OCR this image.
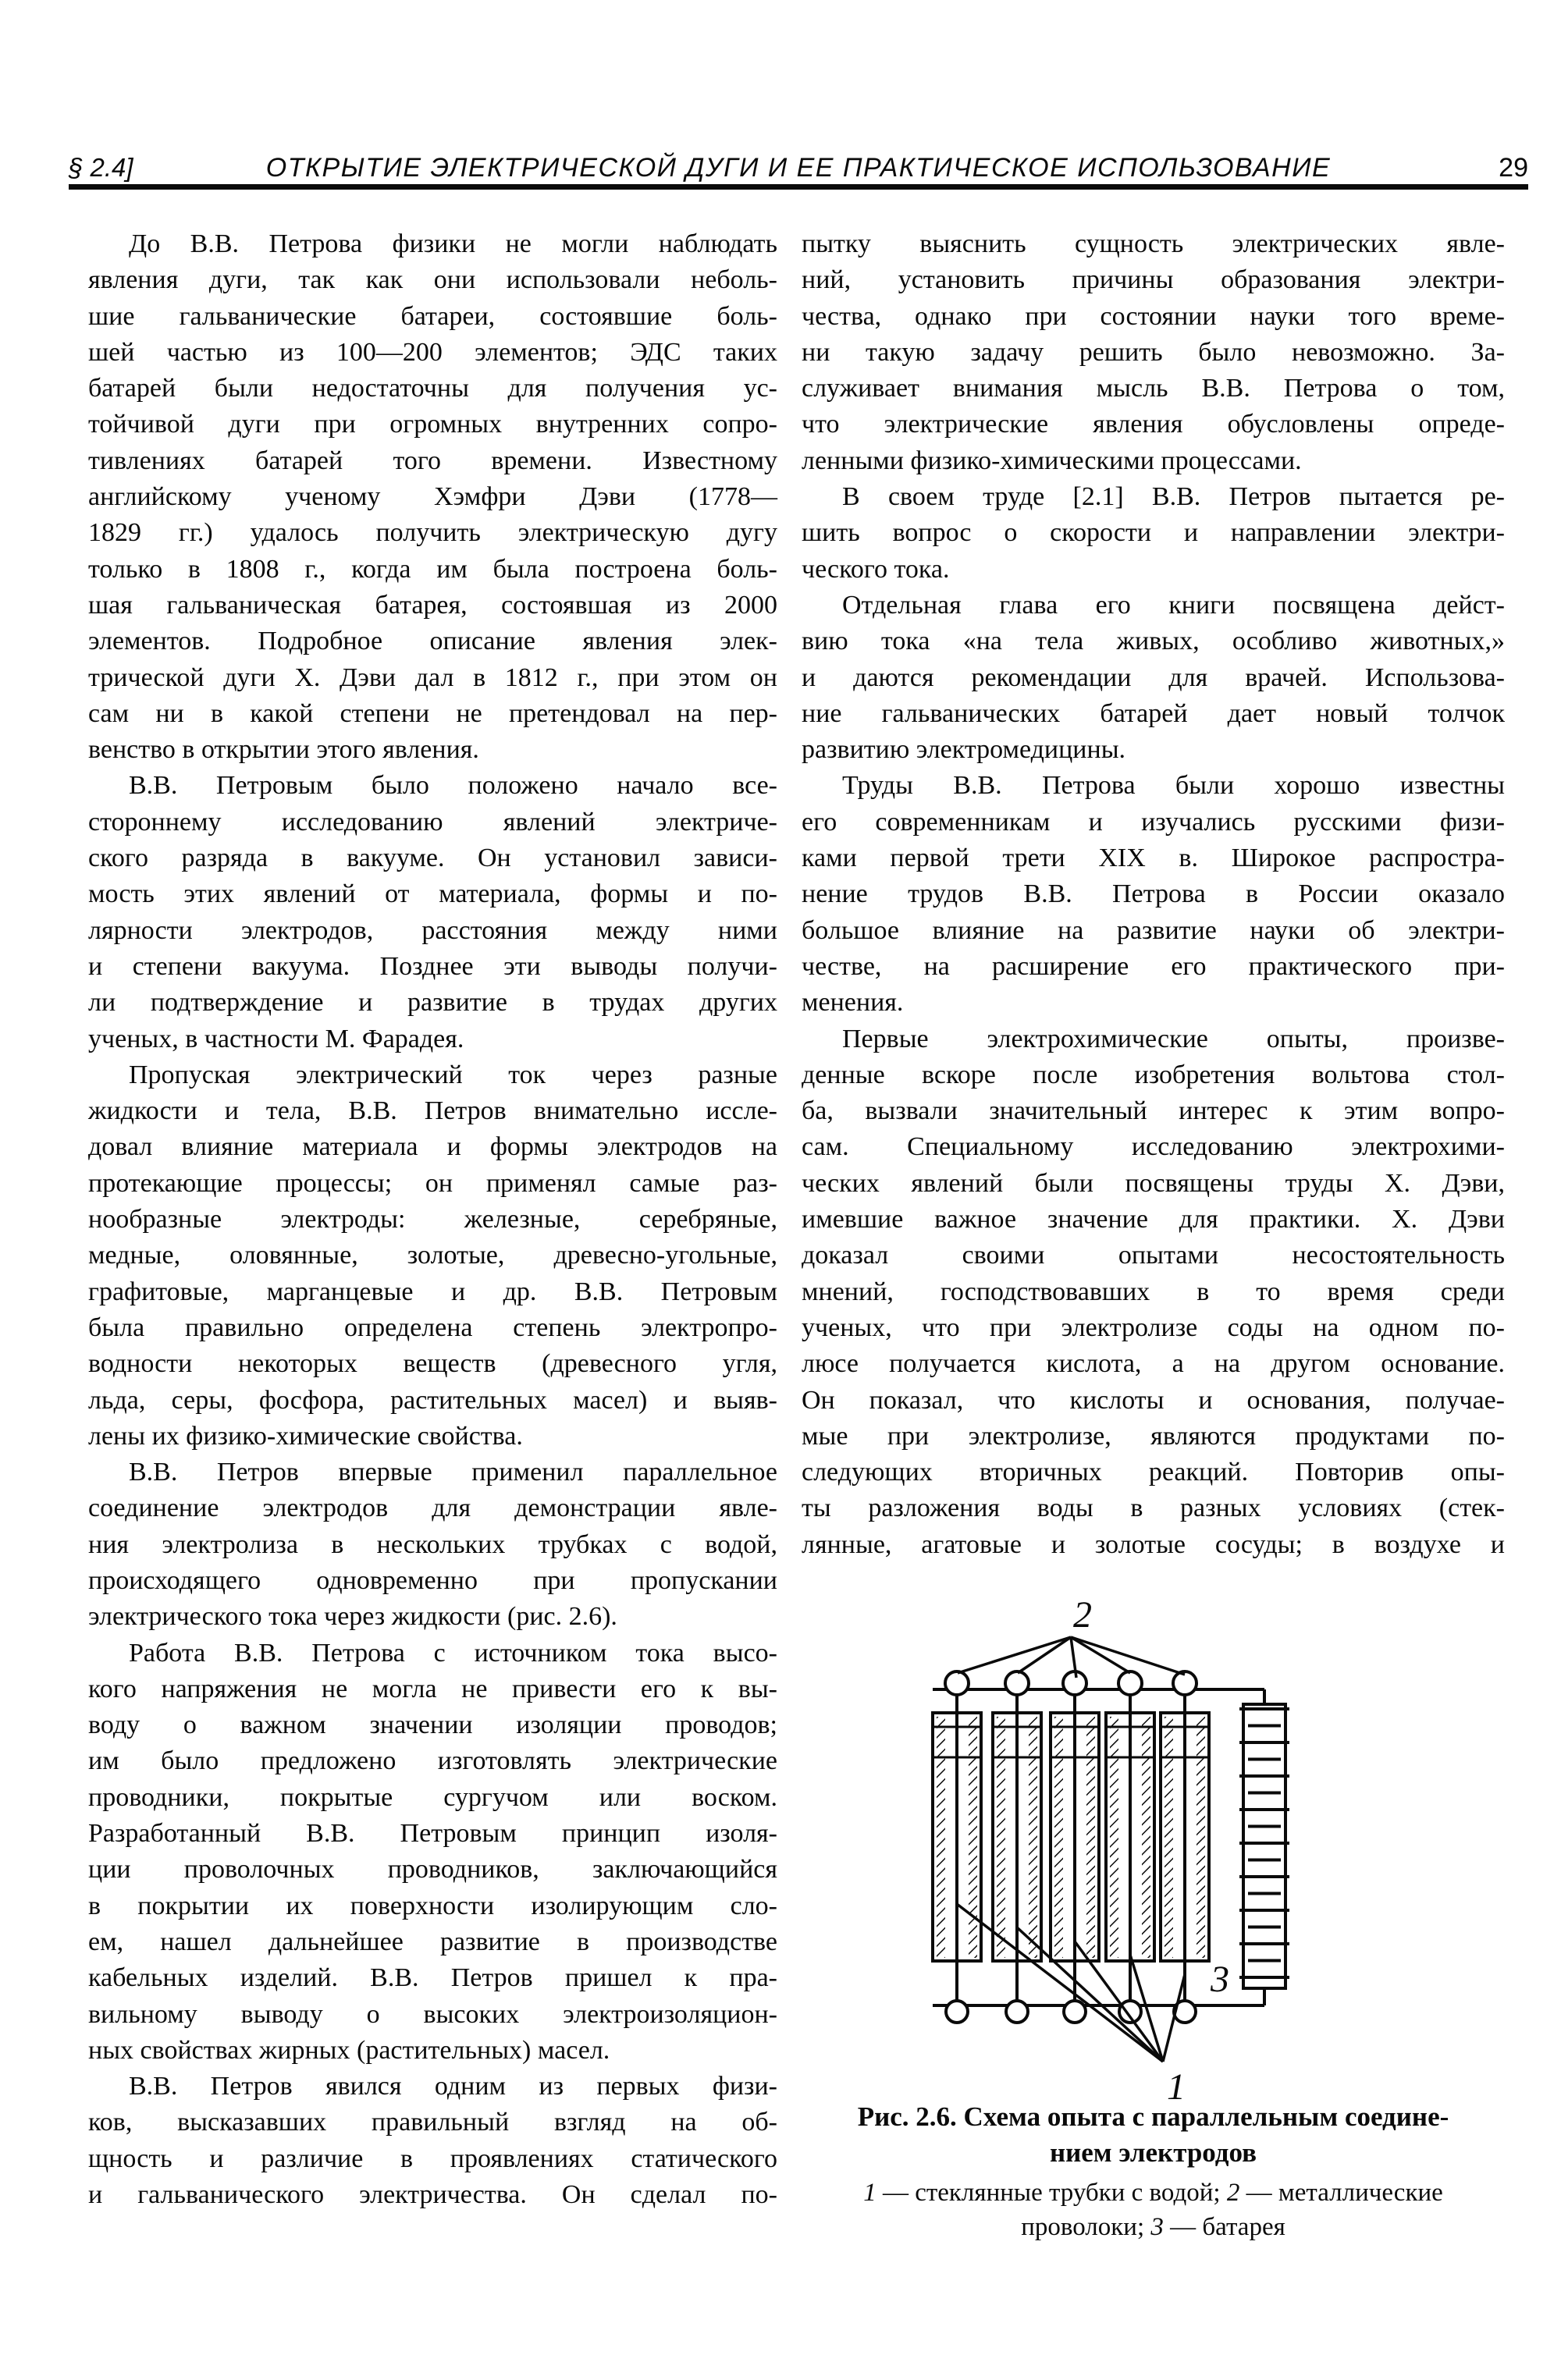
§ 2.4]	ОТКРЫТИЕ ЭЛЕКТРИЧЕСКОЙ ДУГИ И ЕЕ ПРАКТИЧЕСКОЕ ИСПОЛЬЗОВАНИЕ	29
До В.В. Петрова физики не могли наблюдать
явления дуги, так как они использовали неболь-
шие гальванические батареи, состоявшие боль-
шей частью из 100—200 элементов; ЭДС таких
батарей были недостаточны для получения ус-
тойчивой дуги при огромных внутренних сопро-
тивлениях батарей того времени. Известному
английскому ученому Хэмфри Дэви (1778—
1829 гг.) удалось получить электрическую дугу
только в 1808 г., когда им была построена боль-
шая гальваническая батарея, состоявшая из 2000
элементов. Подробное описание явления элек-
трической дуги Х. Дэви дал в 1812 г., при этом он
сам ни в какой степени не претендовал на пер-
венство в открытии этого явления.
В.В. Петровым было положено начало все-
стороннему исследованию явлений электриче-
ского разряда в вакууме. Он установил зависи-
мость этих явлений от материала, формы и по-
лярности электродов, расстояния между ними
и степени вакуума. Позднее эти выводы получи-
ли подтверждение и развитие в трудах других
ученых, в частности М. Фарадея.
Пропуская электрический ток через разные
жидкости и тела, В.В. Петров внимательно иссле-
довал влияние материала и формы электродов на
протекающие процессы; он применял самые раз-
нообразные электроды: железные, серебряные,
медные, оловянные, золотые, древесно-угольные,
графитовые, марганцевые и др. В.В. Петровым
была правильно определена степень электропро-
водности некоторых веществ (древесного угля,
льда, серы, фосфора, растительных масел) и выяв-
лены их физико-химические свойства.
В.В. Петров впервые применил параллельное
соединение электродов для демонстрации явле-
ния электролиза в нескольких трубках с водой,
происходящего одновременно при пропускании
электрического тока через жидкости (рис. 2.6).
Работа В.В. Петрова с источником тока высо-
кого напряжения не могла не привести его к вы-
воду о важном значении изоляции проводов;
им было предложено изготовлять электрические
проводники, покрытые сургучом или воском.
Разработанный В.В. Петровым принцип изоля-
ции проволочных проводников, заключающийся
в покрытии их поверхности изолирующим сло-
ем, нашел дальнейшее развитие в производстве
кабельных изделий. В.В. Петров пришел к пра-
вильному выводу о высоких электроизоляцион-
ных свойствах жирных (растительных) масел.
В.В. Петров явился одним из первых физи-
ков, высказавших правильный взгляд на об-
щность и различие в проявлениях статического
и гальванического электричества. Он сделал по-
пытку выяснить сущность электрических явле-
ний, установить причины образования электри-
чества, однако при состоянии науки того време-
ни такую задачу решить было невозможно. За-
служивает внимания мысль В.В. Петрова о том,
что электрические явления обусловлены опреде-
ленными физико-химическими процессами.
В своем труде [2.1] В.В. Петров пытается ре-
шить вопрос о скорости и направлении электри-
ческого тока.
Отдельная глава его книги посвящена дейст-
вию тока «на тела живых, особливо животных,»
и даются рекомендации для врачей. Использова-
ние гальванических батарей дает новый толчок
развитию электромедицины.
Труды В.В. Петрова были хорошо известны
его современникам и изучались русскими физи-
ками первой трети XIX в. Широкое распростра-
нение трудов В.В. Петрова в России оказало
большое влияние на развитие науки об электри-
честве, на расширение его практического при-
менения.
Первые электрохимические опыты, произве-
денные вскоре после изобретения вольтова стол-
ба, вызвали значительный интерес к этим вопро-
сам. Специальному исследованию электрохими-
ческих явлений были посвящены труды Х. Дэви,
имевшие важное значение для практики. Х. Дэви
доказал своими опытами несостоятельность
мнений, господствовавших в то время среди
ученых, что при электролизе соды на одном по-
люсе получается кислота, а на другом основание.
Он показал, что кислоты и основания, получае-
мые при электролизе, являются продуктами по-
следующих вторичных реакций. Повторив опы-
ты разложения воды в разных условиях (стек-
лянные, агатовые и золотые сосуды; в воздухе и
2
3
1
Рис. 2.6. Схема опыта с параллельным соедине-
нием электродов
1 — стеклянные трубки с водой; 2 — металлические
проволоки; 3 — батарея
